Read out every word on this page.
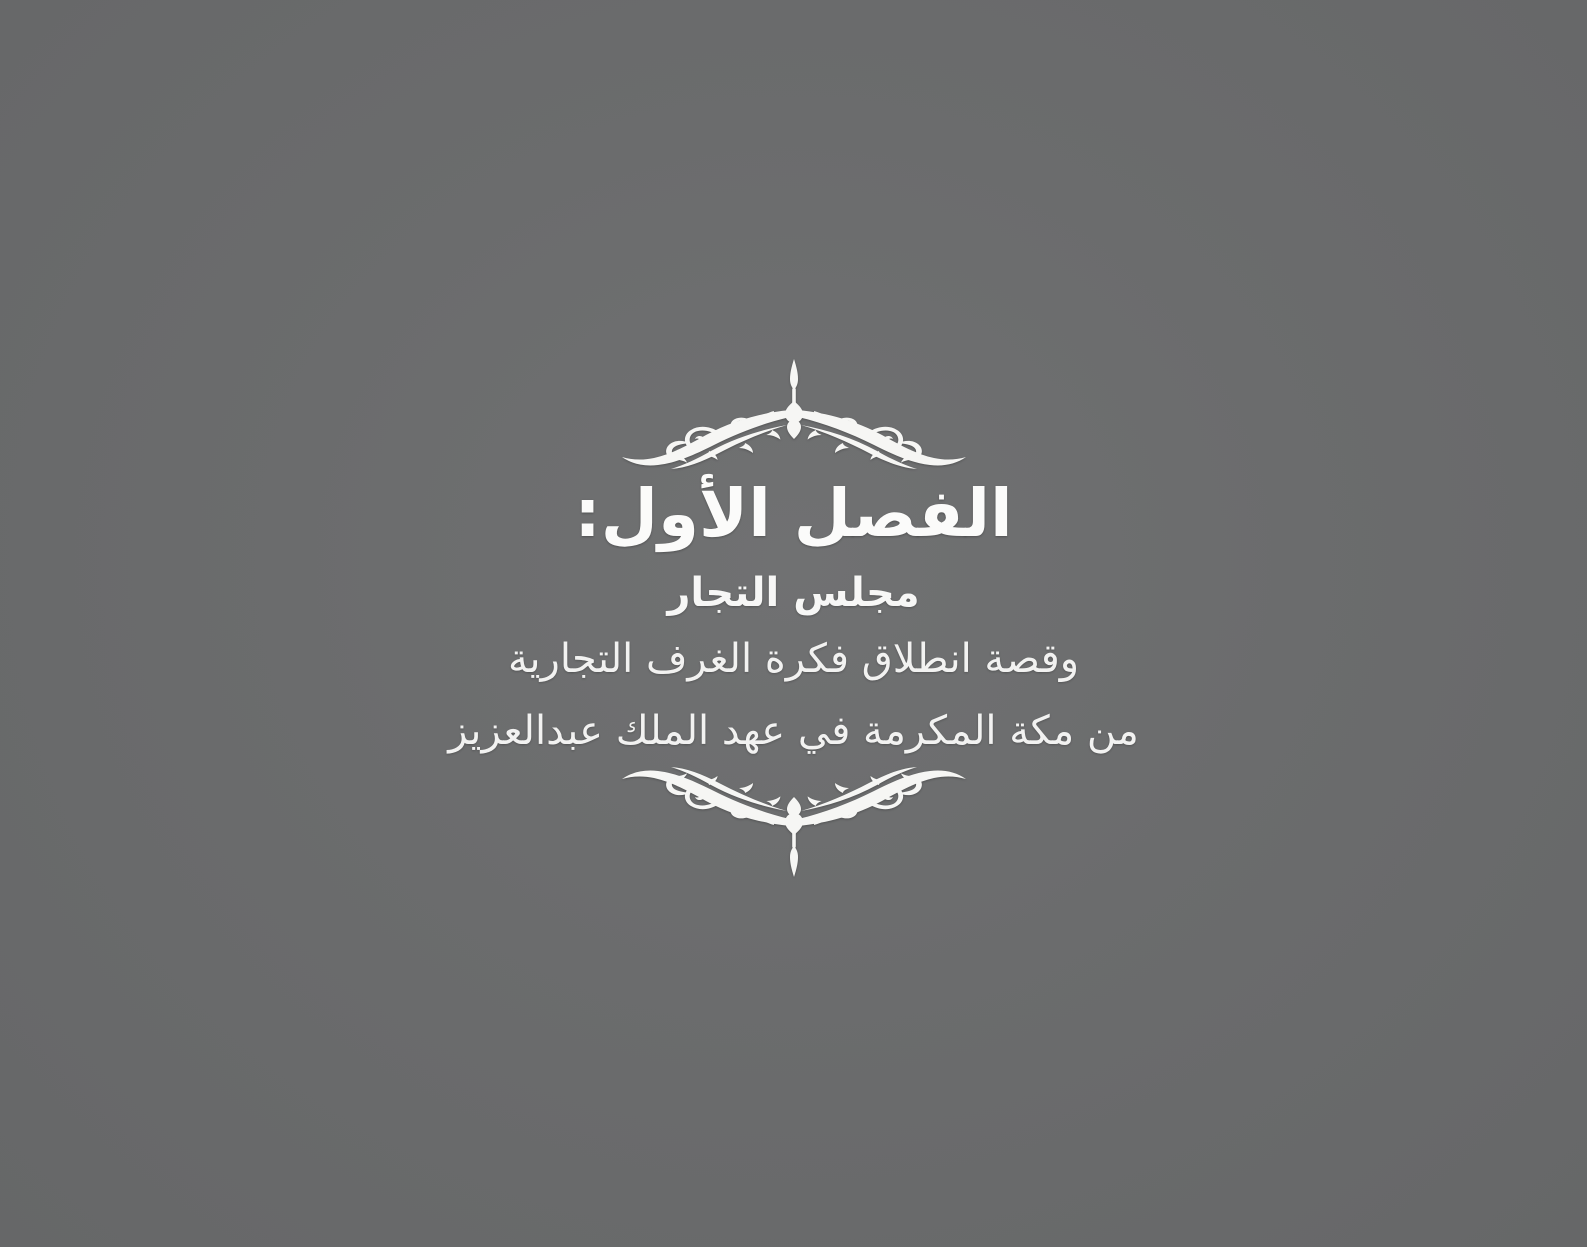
الفصل الأول:
مجلس التجار
وقصة انطلاق فكرة الغرف التجارية
من مكة المكرمة في عهد الملك عبدالعزيز
